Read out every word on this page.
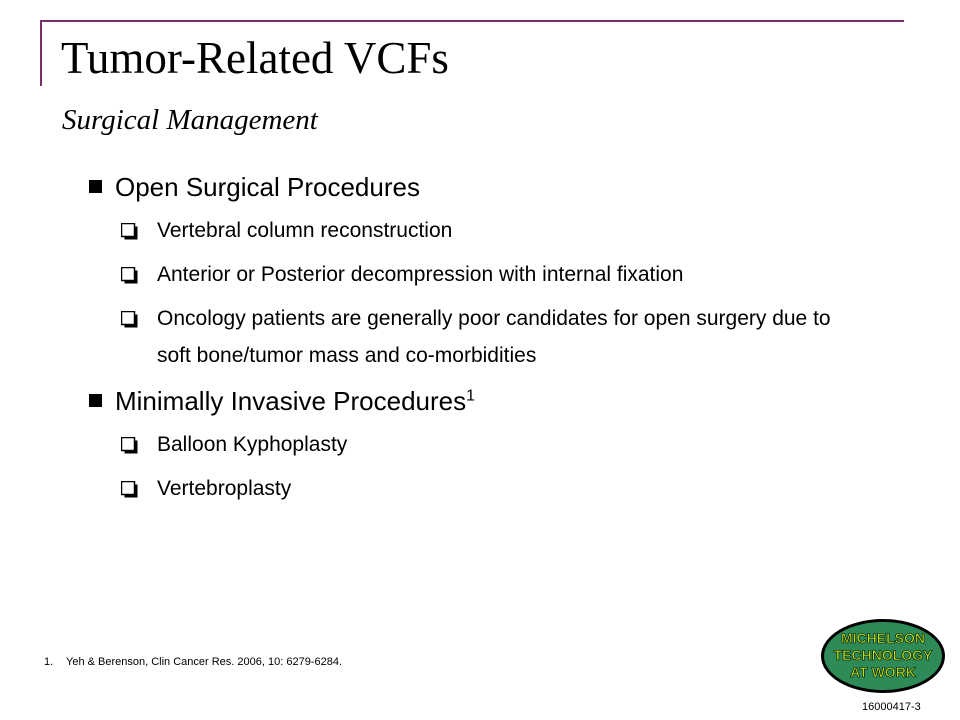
Tumor-Related VCFs
Surgical Management
Open Surgical Procedures
Vertebral column reconstruction
Anterior or Posterior decompression with internal fixation
Oncology patients are generally poor candidates for open surgery due to soft bone/tumor mass and co-morbidities
Minimally Invasive Procedures$^1$
Balloon Kyphoplasty
Vertebroplasty
1. Yeh & Berenson, Clin Cancer Res. 2006, 10: 6279-6284.
MICHELSON
TECHNOLOGY
AT WORK
16000417-3
